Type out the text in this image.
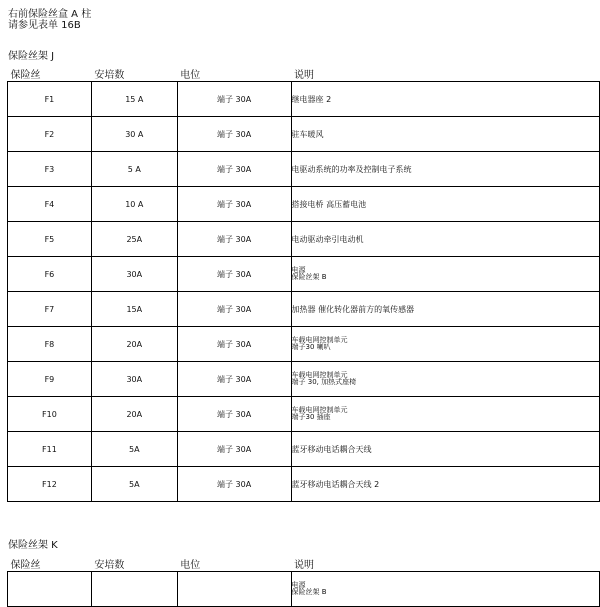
右前保险丝盒 A 柱
请参见表单 16B
保险丝架 J
保险丝	安培数	电位	说明
F1	15 A	端子 30A	继电器座 2

F2	30 A	端子 30A	驻车暖风

F3	5 A	端子 30A	电驱动系统的功率及控制电子系统

F4	10 A	端子 30A	搭接电桥 高压蓄电池

F5	25A	端子 30A	电动驱动牵引电动机

F6	30A	端子 30A	电源
保险丝架 B

F7	15A	端子 30A	加热器 催化转化器前方的氧传感器

F8	20A	端子 30A	车载电网控制单元
端子30 喇叭

F9	30A	端子 30A	车载电网控制单元
端子 30, 加热式座椅

F10	20A	端子 30A	车载电网控制单元
端子30 插座

F11	5A	端子 30A	蓝牙移动电话耦合天线

F12	5A	端子 30A	蓝牙移动电话耦合天线 2
保险丝架 K
保险丝	安培数	电位	说明

			电源
保险丝架 B
